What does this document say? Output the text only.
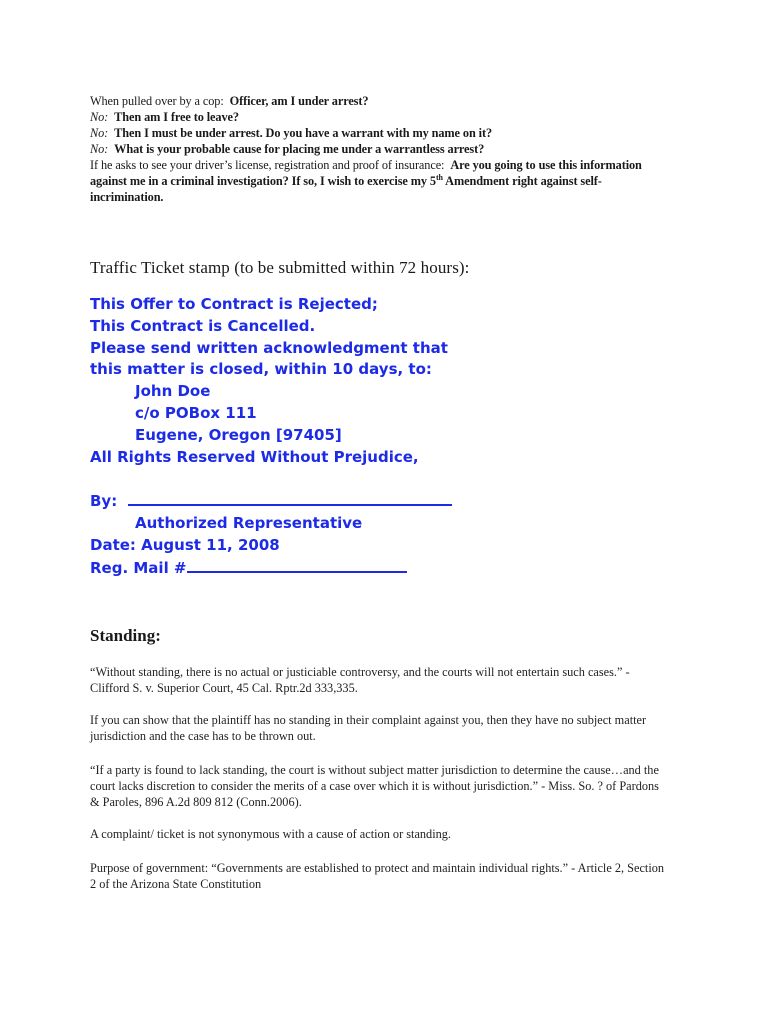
When pulled over by a cop: Officer, am I under arrest?
No: Then am I free to leave?
No: Then I must be under arrest. Do you have a warrant with my name on it?
No: What is your probable cause for placing me under a warrantless arrest?
If he asks to see your driver’s license, registration and proof of insurance: Are you going to use this information against me in a criminal investigation? If so, I wish to exercise my 5th Amendment right against self-incrimination.
Traffic Ticket stamp (to be submitted within 72 hours):
This Offer to Contract is Rejected;
This Contract is Cancelled.
Please send written acknowledgment that
this matter is closed, within 10 days, to:
John Doe
c/o POBox 111
Eugene, Oregon [97405]
All Rights Reserved Without Prejudice,
By:
Authorized Representative
Date: August 11, 2008
Reg. Mail #
Standing:
“Without standing, there is no actual or justiciable controversy, and the courts will not entertain such cases.” - Clifford S. v. Superior Court, 45 Cal. Rptr.2d 333,335.
If you can show that the plaintiff has no standing in their complaint against you, then they have no subject matter jurisdiction and the case has to be thrown out.
“If a party is found to lack standing, the court is without subject matter jurisdiction to determine the cause…and the court lacks discretion to consider the merits of a case over which it is without jurisdiction.” - Miss. So. ? of Pardons & Paroles, 896 A.2d 809 812 (Conn.2006).
A complaint/ ticket is not synonymous with a cause of action or standing.
Purpose of government: “Governments are established to protect and maintain individual rights.” - Article 2, Section 2 of the Arizona State Constitution
